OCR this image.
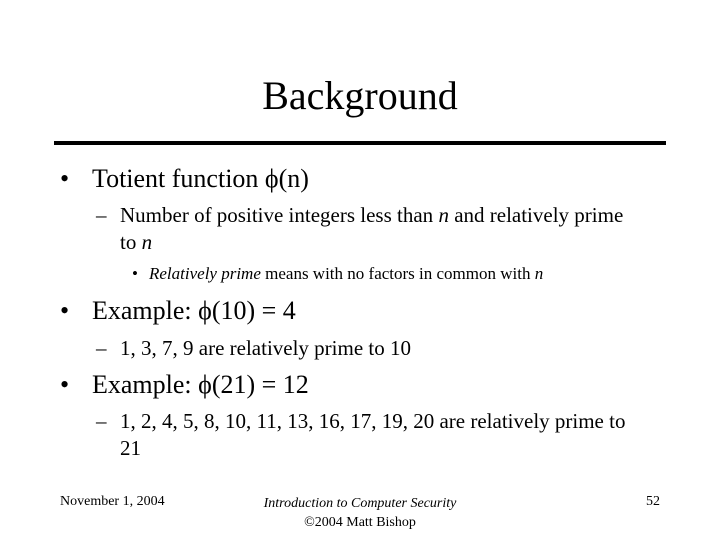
Background
• Totient function ϕ(n)
– Number of positive integers less than n and relatively prime to n
• Relatively prime means with no factors in common with n
• Example: ϕ(10) = 4
– 1, 3, 7, 9 are relatively prime to 10
• Example: ϕ(21) = 12
– 1, 2, 4, 5, 8, 10, 11, 13, 16, 17, 19, 20 are relatively prime to 21
November 1, 2004	Introduction to Computer Security
©2004 Matt Bishop
52
